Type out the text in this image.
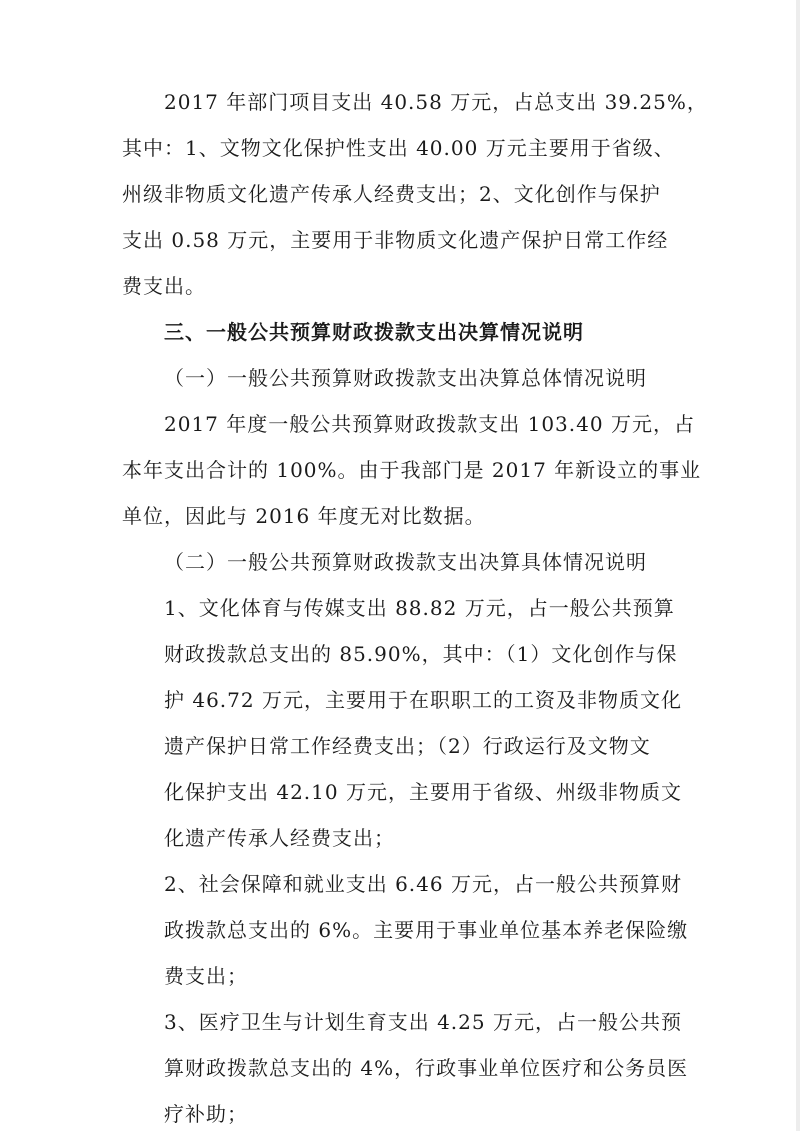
2017 年部门项目支出 40.58 万元，占总支出 39.25%，
其中：1、文物文化保护性支出 40.00 万元主要用于省级、
州级非物质文化遗产传承人经费支出；2、文化创作与保护
支出 0.58 万元，主要用于非物质文化遗产保护日常工作经
费支出。
三、一般公共预算财政拨款支出决算情况说明
（一）一般公共预算财政拨款支出决算总体情况说明
2017 年度一般公共预算财政拨款支出 103.40 万元，占
本年支出合计的 100%。由于我部门是 2017 年新设立的事业
单位，因此与 2016 年度无对比数据。
（二）一般公共预算财政拨款支出决算具体情况说明
1、文化体育与传媒支出 88.82 万元，占一般公共预算
财政拨款总支出的 85.90%，其中：（1）文化创作与保
护 46.72 万元，主要用于在职职工的工资及非物质文化
遗产保护日常工作经费支出；（2）行政运行及文物文
化保护支出 42.10 万元，主要用于省级、州级非物质文
化遗产传承人经费支出；
2、社会保障和就业支出 6.46 万元，占一般公共预算财
政拨款总支出的 6%。主要用于事业单位基本养老保险缴
费支出；
3、医疗卫生与计划生育支出 4.25 万元，占一般公共预
算财政拨款总支出的 4%，行政事业单位医疗和公务员医
疗补助；
